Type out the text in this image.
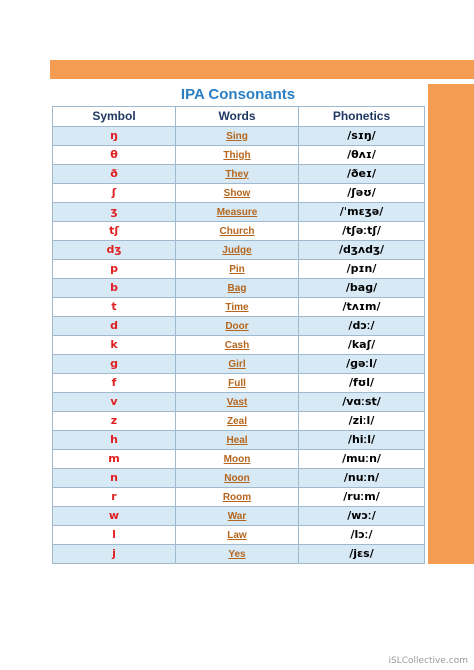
IPA Consonants
Symbol	Words	Phonetics
ŋ	Sing	/sɪŋ/
θ	Thigh	/θʌɪ/
ð	They	/ðeɪ/
ʃ	Show	/ʃəʊ/
ʒ	Measure	/ˈmɛʒə/
tʃ	Church	/tʃəːtʃ/
dʒ	Judge	/dʒʌdʒ/
p	Pin	/pɪn/
b	Bag	/baɡ/
t	Time	/tʌɪm/
d	Door	/dɔː/
k	Cash	/kaʃ/
g	Girl	/ɡəːl/
f	Full	/fʊl/
v	Vast	/vɑːst/
z	Zeal	/ziːl/
h	Heal	/hiːl/
m	Moon	/muːn/
n	Noon	/nuːn/
r	Room	/ruːm/
w	War	/wɔː/
l	Law	/lɔː/
j	Yes	/jɛs/
iSLCollective.com
